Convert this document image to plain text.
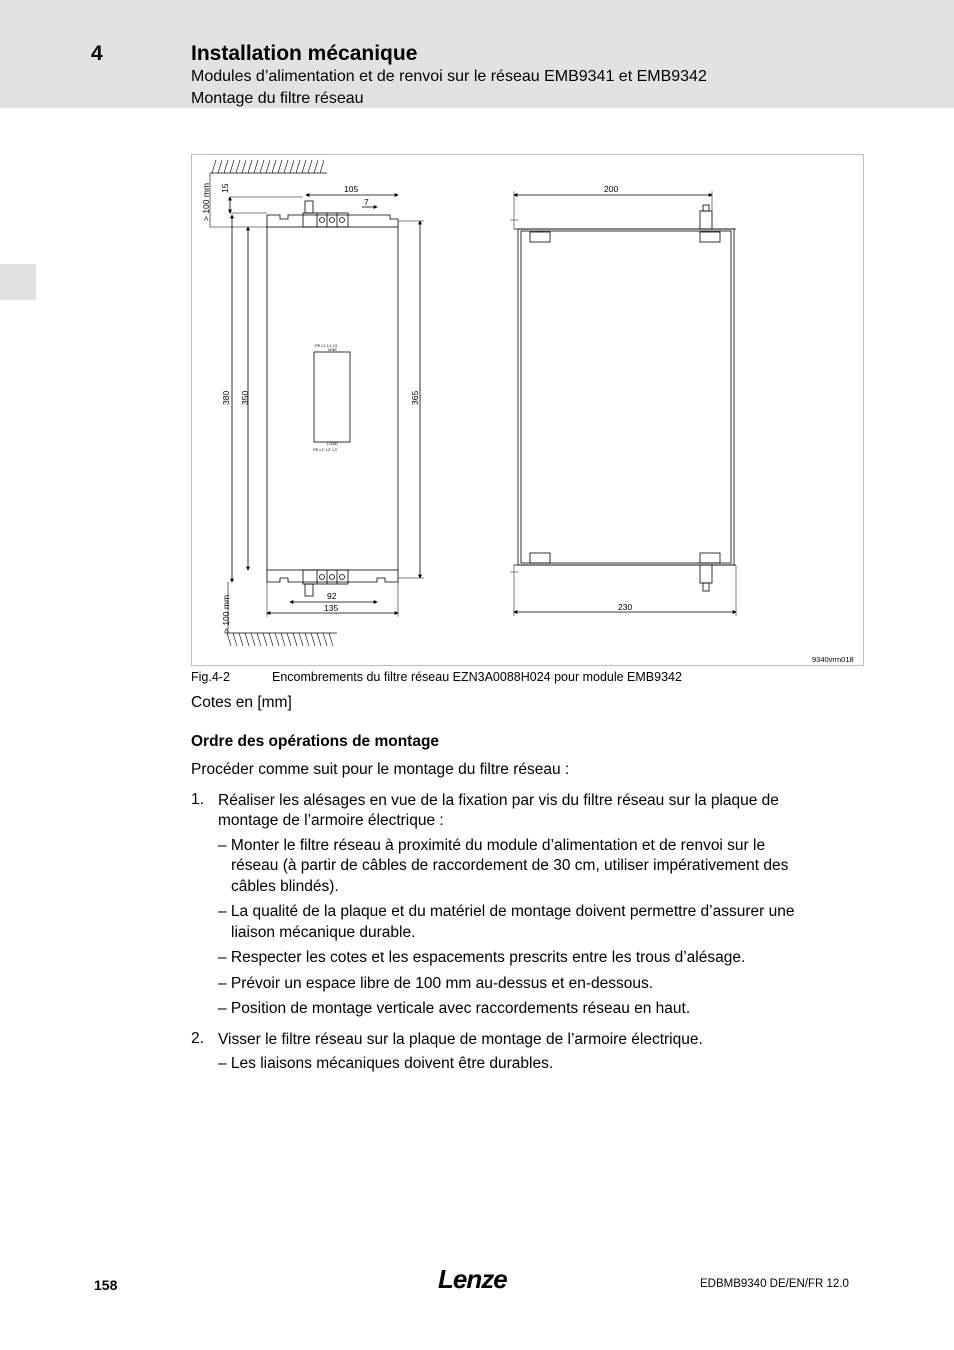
4	Installation mécanique
Modules d’alimentation et de renvoi sur le réseau EMB9341 et EMB9342
Montage du filtre réseau
> 100 mm 15	105
7
380 350	365
92
135
> 100 mm
200
230
PE L1 L2 L3
LINE
LOAD
PE L1' L2' L3'
9340vrm018
Fig.4-2	Encombrements du filtre réseau EZN3A0088H024 pour module EMB9342
Cotes en [mm]
Ordre des opérations de montage
Procéder comme suit pour le montage du filtre réseau :
1. Réaliser les alésages en vue de la fixation par vis du filtre réseau sur la plaque de
montage de l’armoire électrique :
– Monter le filtre réseau à proximité du module d’alimentation et de renvoi sur le
réseau (à partir de câbles de raccordement de 30 cm, utiliser impérativement des
câbles blindés).
– La qualité de la plaque et du matériel de montage doivent permettre d’assurer une
liaison mécanique durable.
– Respecter les cotes et les espacements prescrits entre les trous d’alésage.
– Prévoir un espace libre de 100 mm au-dessus et en-dessous.
– Position de montage verticale avec raccordements réseau en haut.
2. Visser le filtre réseau sur la plaque de montage de l’armoire électrique.
– Les liaisons mécaniques doivent être durables.
158	Lenze	EDBMB9340 DE/EN/FR 12.0
